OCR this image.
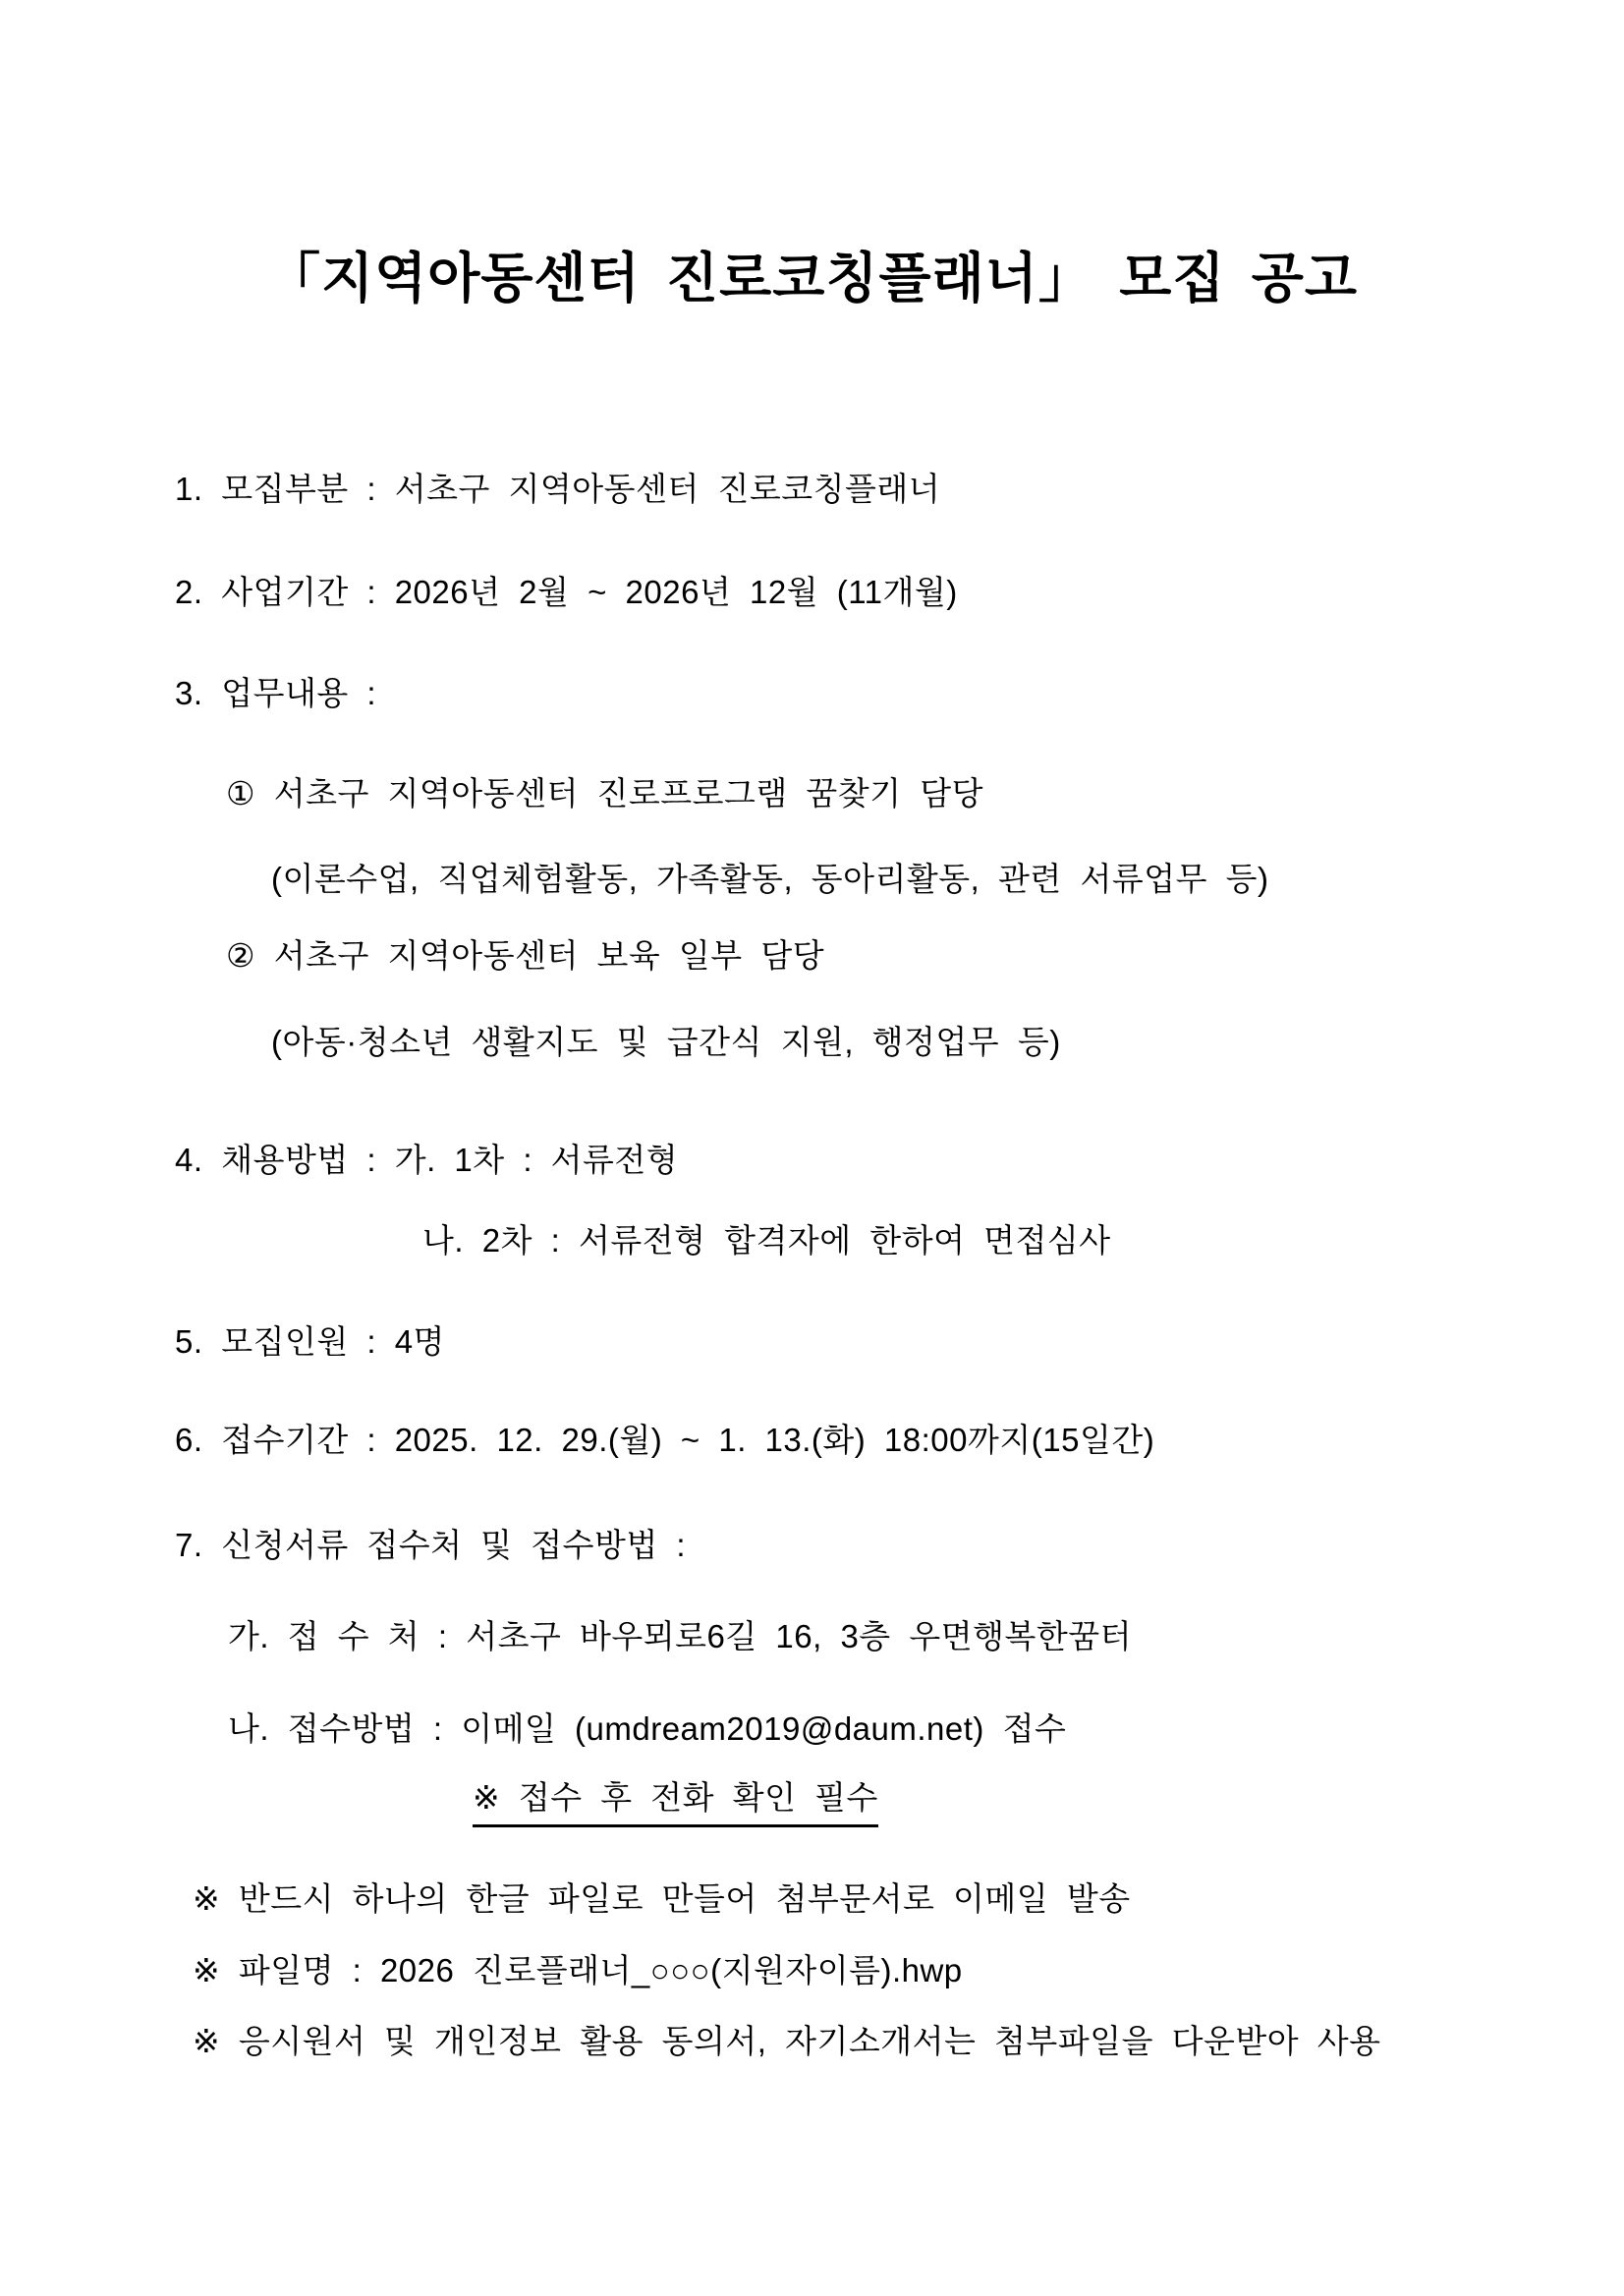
「지역아동센터 진로코칭플래너」 모집 공고
1. 모집부분 : 서초구 지역아동센터 진로코칭플래너
2. 사업기간 : 2026년 2월 ~ 2026년 12월 (11개월)
3. 업무내용 :
① 서초구 지역아동센터 진로프로그램 꿈찾기 담당
(이론수업, 직업체험활동, 가족활동, 동아리활동, 관련 서류업무 등)
② 서초구 지역아동센터 보육 일부 담당
(아동·청소년 생활지도 및 급간식 지원, 행정업무 등)
4. 채용방법 : 가. 1차 : 서류전형
나. 2차 : 서류전형 합격자에 한하여 면접심사
5. 모집인원 : 4명
6. 접수기간 : 2025. 12. 29.(월) ~ 1. 13.(화) 18:00까지(15일간)
7. 신청서류 접수처 및 접수방법 :
가. 접 수 처 : 서초구 바우뫼로6길 16, 3층 우면행복한꿈터
나. 접수방법 : 이메일 (umdream2019@daum.net) 접수
※ 접수 후 전화 확인 필수
※ 반드시 하나의 한글 파일로 만들어 첨부문서로 이메일 발송
※ 파일명 : 2026 진로플래너_○○○(지원자이름).hwp
※ 응시원서 및 개인정보 활용 동의서, 자기소개서는 첨부파일을 다운받아 사용
